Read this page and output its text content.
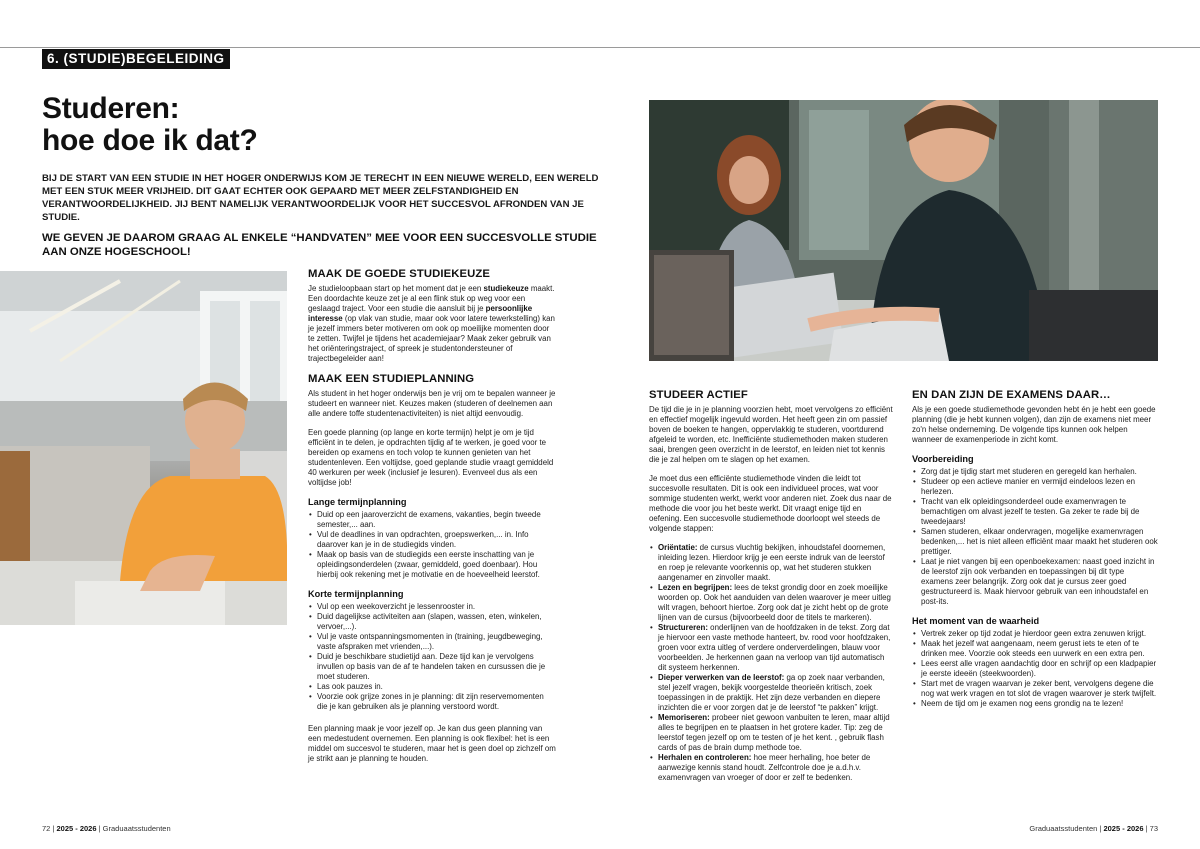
6. (STUDIE)BEGELEIDING
Studeren:
hoe doe ik dat?

BIJ DE START VAN EEN STUDIE IN HET HOGER ONDERWIJS KOM JE TERECHT IN EEN NIEUWE WERELD, EEN WERELD MET EEN STUK MEER VRIJHEID. DIT GAAT ECHTER OOK GEPAARD MET MEER ZELFSTANDIGHEID EN VERANTWOORDELIJKHEID. JIJ BENT NAMELIJK VERANTWOORDELIJK VOOR HET SUCCESVOL AFRONDEN VAN JE STUDIE.

WE GEVEN JE DAAROM GRAAG AL ENKELE “HANDVATEN” MEE VOOR EEN SUCCESVOLLE STUDIE AAN ONZE HOGESCHOOL!

MAAK DE GOEDE STUDIEKEUZE

Je studieloopbaan start op het moment dat je een studiekeuze maakt. Een doordachte keuze zet je al een flink stuk op weg voor een geslaagd traject. Voor een studie die aansluit bij je persoonlijke interesse (op vlak van studie, maar ook voor latere tewerkstelling) kan je jezelf immers beter motiveren om ook op moeilijke momenten door te zetten. Twijfel je tijdens het academiejaar? Maak zeker gebruik van het oriënteringstraject, of spreek je studentondersteuner of trajectbegeleider aan!

MAAK EEN STUDIEPLANNING

Als student in het hoger onderwijs ben je vrij om te bepalen wanneer je studeert en wanneer niet. Keuzes maken (studeren of deelnemen aan alle andere toffe studentenactiviteiten) is niet altijd eenvoudig.

Een goede planning (op lange en korte termijn) helpt je om je tijd efficiënt in te delen, je opdrachten tijdig af te werken, je goed voor te bereiden op examens en toch volop te kunnen genieten van het studentenleven. Een voltijdse, goed geplande studie vraagt gemiddeld 40 werkuren per week (inclusief je lesuren). Evenveel dus als een voltijdse job!

Lange termijnplanning
• Duid op een jaaroverzicht de examens, vakanties, begin tweede semester,... aan.
• Vul de deadlines in van opdrachten, groepswerken,... in. Info daarover kan je in de studiegids vinden.
• Maak op basis van de studiegids een eerste inschatting van je opleidingsonderdelen (zwaar, gemiddeld, goed doenbaar). Hou hierbij ook rekening met je motivatie en de hoeveelheid leerstof.
Korte termijnplanning
• Vul op een weekoverzicht je lessenrooster in.
• Duid dagelijkse activiteiten aan (slapen, wassen, eten, winkelen, vervoer,...).
• Vul je vaste ontspanningsmomenten in (training, jeugdbeweging, vaste afspraken met vrienden,...).
• Duid je beschikbare studietijd aan. Deze tijd kan je vervolgens invullen op basis van de af te handelen taken en cursussen die je moet studeren.
• Las ook pauzes in.
• Voorzie ook grijze zones in je planning: dit zijn reservemomenten die je kan gebruiken als je planning verstoord wordt.

Een planning maak je voor jezelf op. Je kan dus geen planning van een medestudent overnemen. Een planning is ook flexibel: het is een middel om succesvol te studeren, maar het is geen doel op zichzelf om je strikt aan je planning te houden.

STUDEER ACTIEF

De tijd die je in je planning voorzien hebt, moet vervolgens zo efficiënt en effectief mogelijk ingevuld worden. Het heeft geen zin om passief boven de boeken te hangen, oppervlakkig te studeren, voortdurend afgeleid te worden, etc. Inefficiënte studiemethoden maken studeren saai, brengen geen overzicht in de leerstof, en leiden niet tot kennis die je zal helpen om te slagen op het examen.

Je moet dus een efficiënte studiemethode vinden die leidt tot succesvolle resultaten. Dit is ook een individueel proces, wat voor sommige studenten werkt, werkt voor anderen niet. Zoek dus naar de methode die voor jou het beste werkt. Dit vraagt enige tijd en oefening. Een succesvolle studiemethode doorloopt wel steeds de volgende stappen:

• Oriëntatie: de cursus vluchtig bekijken, inhoudstafel doornemen, inleiding lezen. Hierdoor krijg je een eerste indruk van de leerstof en roep je relevante voorkennis op, wat het studeren stukken aangenamer en zinvoller maakt.
• Lezen en begrijpen: lees de tekst grondig door en zoek moeilijke woorden op. Ook het aanduiden van delen waarover je meer uitleg wilt vragen, behoort hiertoe. Zorg ook dat je zicht hebt op de grote lijnen van de cursus (bijvoorbeeld door de titels te markeren).
• Structureren: onderlijnen van de hoofdzaken in de tekst. Zorg dat je hiervoor een vaste methode hanteert, bv. rood voor hoofdzaken, groen voor extra uitleg of verdere onderverdelingen, blauw voor voorbeelden. Je herkennen gaan na verloop van tijd automatisch dit systeem herkennen.
• Dieper verwerken van de leerstof: ga op zoek naar verbanden, stel jezelf vragen, bekijk voorgestelde theorieën kritisch, zoek toepassingen in de praktijk. Het zijn deze verbanden en diepere inzichten die er voor zorgen dat je de leerstof “te pakken” krijgt.
• Memoriseren: probeer niet gewoon vanbuiten te leren, maar altijd alles te begrijpen en te plaatsen in het grotere kader. Tip: zeg de leerstof tegen jezelf op om te testen of je het kent. , gebruik flash cards of pas de brain dump methode toe.
• Herhalen en controleren: hoe meer herhaling, hoe beter de aanwezige kennis stand houdt. Zelfcontrole doe je a.d.h.v. examenvragen van vroeger of door er zelf te bedenken.
EN DAN ZIJN DE EXAMENS DAAR…

Als je een goede studiemethode gevonden hebt én je hebt een goede planning (die je hebt kunnen volgen), dan zijn de examens niet meer zo'n helse onderneming. De volgende tips kunnen ook helpen wanneer de examenperiode in zicht komt.

Voorbereiding
• Zorg dat je tijdig start met studeren en geregeld kan herhalen.
• Studeer op een actieve manier en vermijd eindeloos lezen en herlezen.
• Tracht van elk opleidingsonderdeel oude examenvragen te bemachtigen om alvast jezelf te testen. Ga zeker te rade bij de tweedejaars!
• Samen studeren, elkaar ondervragen, mogelijke examenvragen bedenken,... het is niet alleen efficiënt maar maakt het studeren ook prettiger.
• Laat je niet vangen bij een openboekexamen: naast goed inzicht in de leerstof zijn ook verbanden en toepassingen bij dit type examens zeer belangrijk. Zorg ook dat je cursus zeer goed gestructureerd is. Maak hiervoor gebruik van een inhoudstafel en post-its.
Het moment van de waarheid
• Vertrek zeker op tijd zodat je hierdoor geen extra zenuwen krijgt.
• Maak het jezelf wat aangenaam, neem gerust iets te eten of te drinken mee. Voorzie ook steeds een uurwerk en een extra pen.
• Lees eerst alle vragen aandachtig door en schrijf op een kladpapier je eerste ideeën (steekwoorden).
• Start met de vragen waarvan je zeker bent, vervolgens degene die nog wat werk vragen en tot slot de vragen waarover je sterk twijfelt.
• Neem de tijd om je examen nog eens grondig na te lezen!
72 | 2025 - 2026 | Graduaatsstudenten	Graduaatsstudenten | 2025 - 2026 | 73
